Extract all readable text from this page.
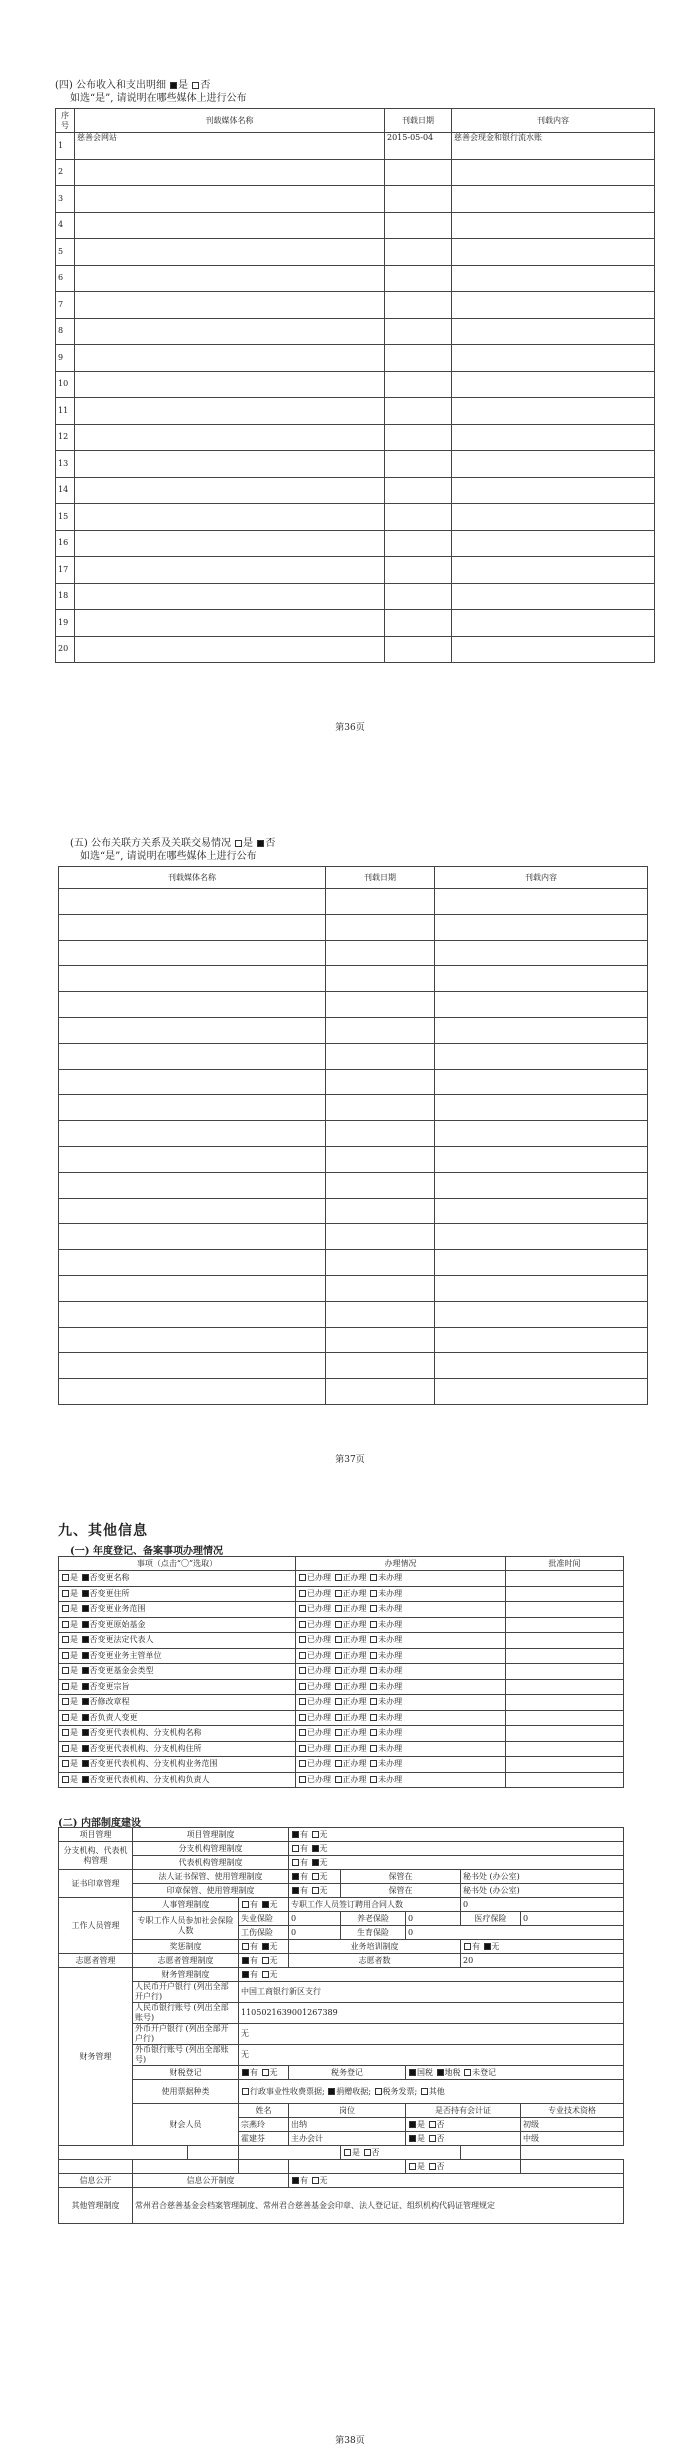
(四) 公布收入和支出明细 是 否
如选“是”, 请说明在哪些媒体上进行公布
序号	刊载媒体名称	刊载日期	刊载内容
1	慈善会网站	2015-05-04	慈善会现金和银行流水账
2			
3			
4			
5			
6			
7			
8			
9			
10			
11			
12			
13			
14			
15			
16			
17			
18			
19			
20			
第36页
(五) 公布关联方关系及关联交易情况 是 否
如选“是”, 请说明在哪些媒体上进行公布
刊载媒体名称	刊载日期	刊载内容

第37页
九、其他信息
(一) 年度登记、备案事项办理情况
事项（点击“〇”选取）	办理情况	批准时间
是 否变更名称	已办理 正办理 未办理	
是 否变更住所	已办理 正办理 未办理	
是 否变更业务范围	已办理 正办理 未办理	
是 否变更原始基金	已办理 正办理 未办理	
是 否变更法定代表人	已办理 正办理 未办理	
是 否变更业务主管单位	已办理 正办理 未办理	
是 否变更基金会类型	已办理 正办理 未办理	
是 否变更宗旨	已办理 正办理 未办理	
是 否修改章程	已办理 正办理 未办理	
是 否负责人变更	已办理 正办理 未办理	
是 否变更代表机构、分支机构名称	已办理 正办理 未办理	
是 否变更代表机构、分支机构住所	已办理 正办理 未办理	
是 否变更代表机构、分支机构业务范围	已办理 正办理 未办理	
是 否变更代表机构、分支机构负责人	已办理 正办理 未办理	
(二) 内部制度建设
项目管理	项目管理制度			有 无				
分支机构、代表机构管理	分支机构管理制度			有 无				
	代表机构管理制度			有 无				
证书印章管理	法人证书保管、使用管理制度			有 无	保管在		秘书处 (办公室)	
	印章保管、使用管理制度			有 无	保管在		秘书处 (办公室)	
工作人员管理	人事管理制度		有 无	专职工作人员签订聘用合同人数			0	
	专职工作人员参加社会保险人数		失业保险	0	养老保险	0	医疗保险	0
			工伤保险	0	生育保险	0		
	奖惩制度		有 无	业务培训制度			有 无	
志愿者管理	志愿者管理制度		有 无	志愿者数			20	
财务管理	财务管理制度		有 无					
	人民币开户银行 (列出全部开户行)		中国工商银行新区支行					
	人民币银行账号 (列出全部账号)		1105021639001267389					
	外币开户银行 (列出全部开户行)		无					
	外币银行账号 (列出全部账号)		无					
	财税登记		有 无	税务登记		国税 地税 未登记		
	使用票据种类		行政事业性收费票据; 捐赠收据; 税务发票; 其他					
	财会人员		姓名	岗位		是否持有会计证		专业技术资格
			宗燕玲	出纳		是 否		初级
			霍建芬	主办会计		是 否		中级
					是 否			
						是 否		
信息公开	信息公开制度			有 无				
其他管理制度	常州君合慈善基金会档案管理制度、常州君合慈善基金会印章、法人登记证、组织机构代码证管理规定							
第38页
